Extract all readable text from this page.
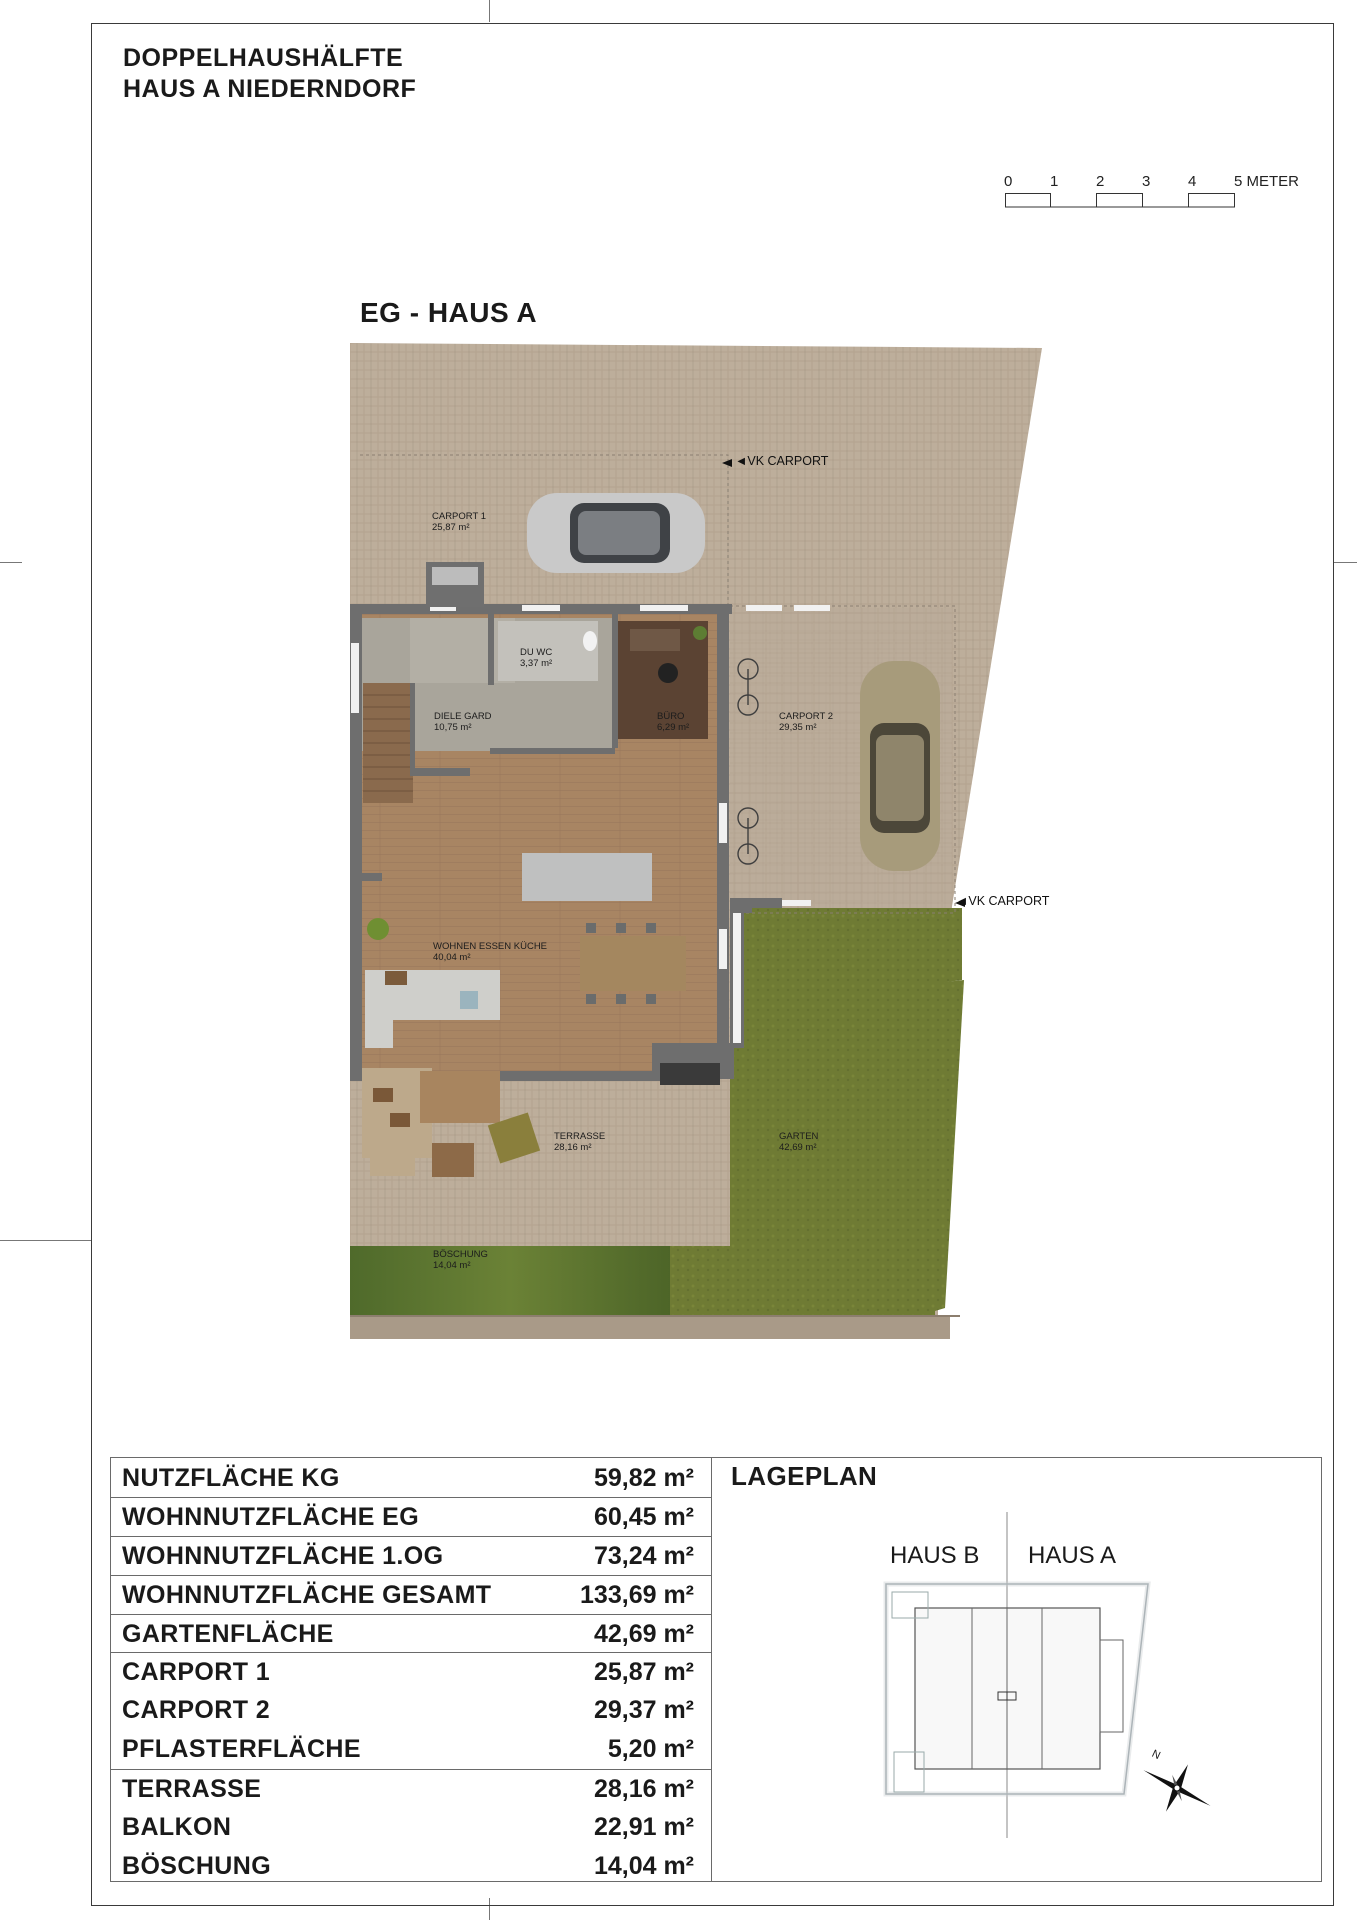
DOPPELHAUSHÄLFTE
HAUS A NIEDERNDORF
0	1	2	3	4	5 METER
EG - HAUS A
CARPORT 1
25,87 m²
DU WC
3,37 m²
DIELE GARD
10,75 m²
BÜRO
6,29 m²
CARPORT 2
29,35 m²
WOHNEN ESSEN KÜCHE
40,04 m²
TERRASSE
28,16 m²
GARTEN
42,69 m²
BÖSCHUNG
14,04 m²
◄VK CARPORT
◄VK CARPORT
NUTZFLÄCHE KG	59,82 m²
WOHNNUTZFLÄCHE EG	60,45 m²
WOHNNUTZFLÄCHE 1.OG	73,24 m²
WOHNNUTZFLÄCHE GESAMT	133,69 m²
GARTENFLÄCHE	42,69 m²
CARPORT 1	25,87 m²
CARPORT 2	29,37 m²
PFLASTERFLÄCHE	5,20 m²
TERRASSE	28,16 m²
BALKON	22,91 m²
BÖSCHUNG	14,04 m²
LAGEPLAN
HAUS B HAUS A
N
